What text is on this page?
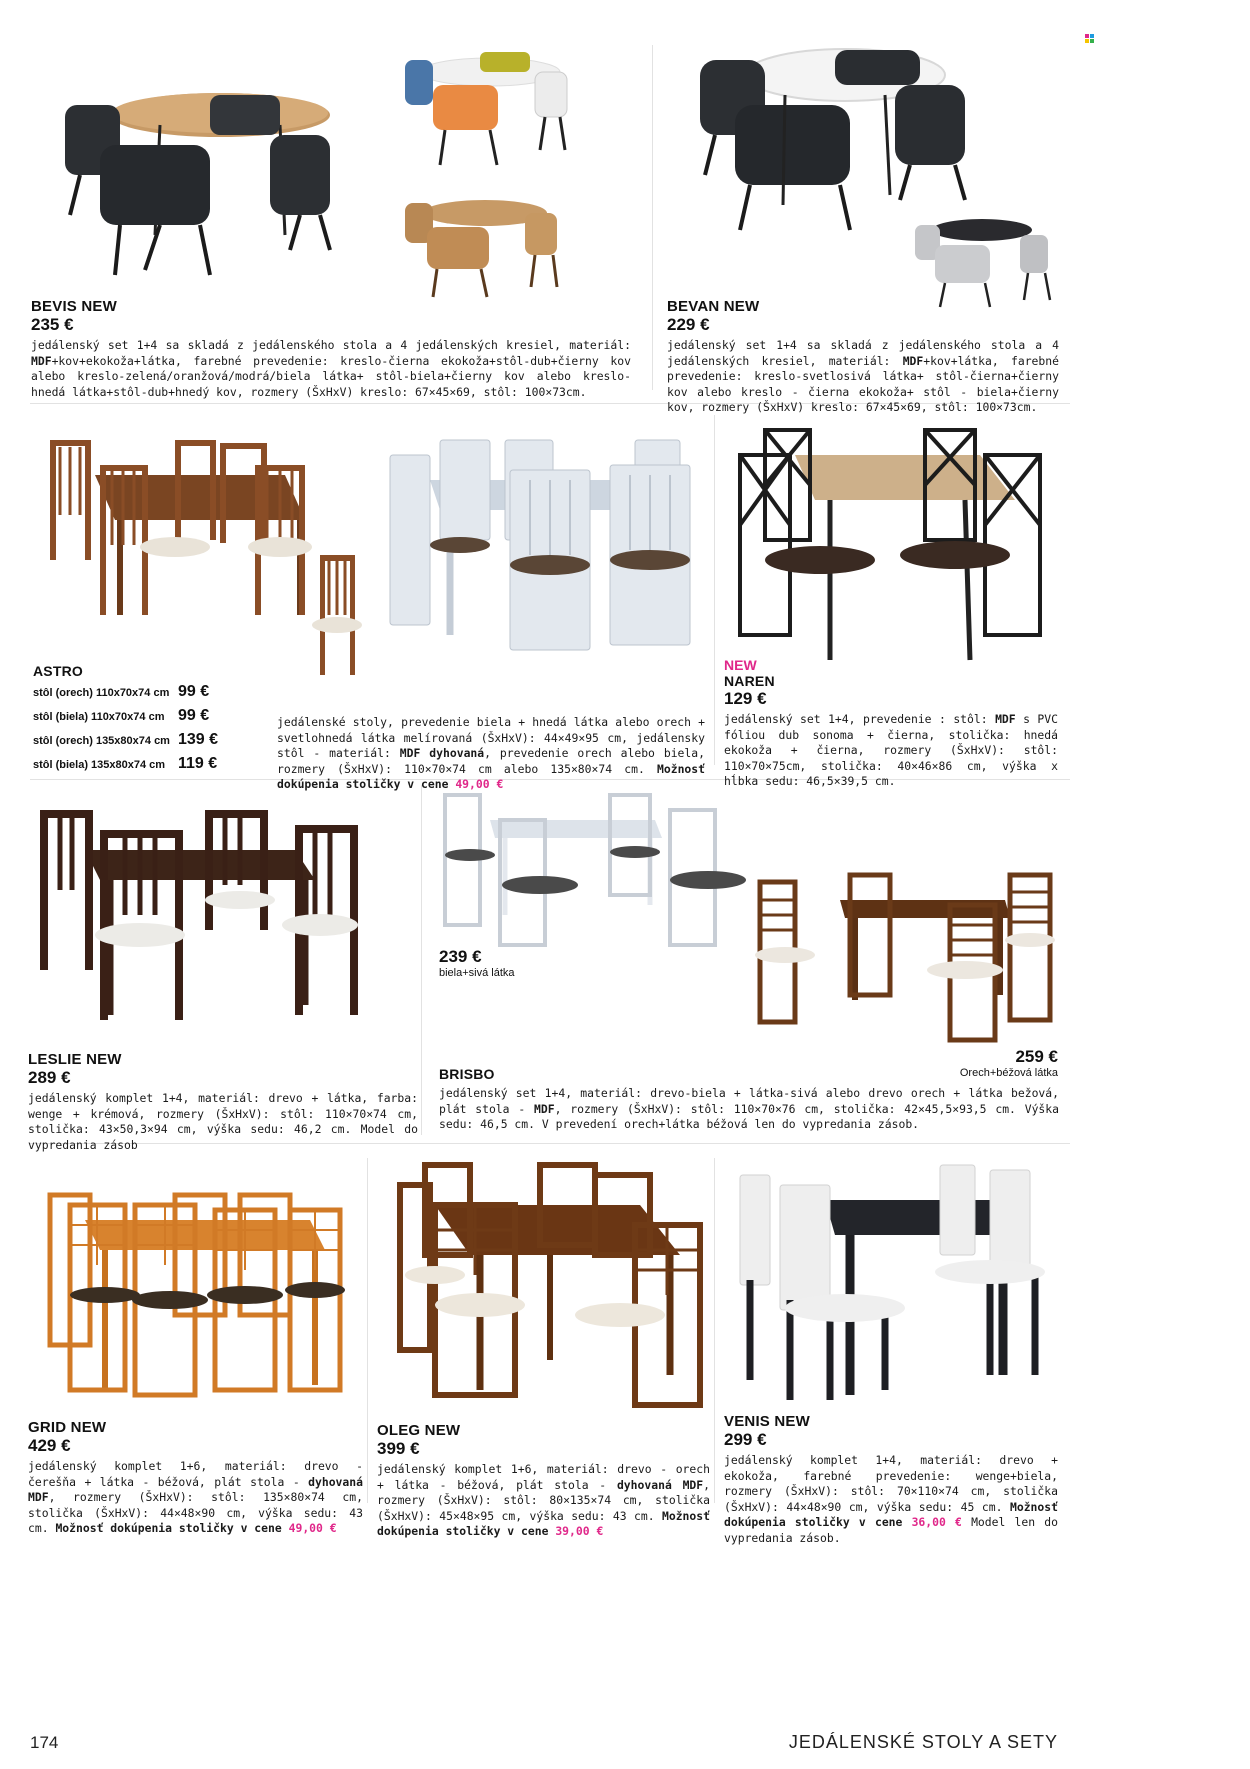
BEVIS NEW
235 €
jedálenský set 1+4 sa skladá z jedálenského stola a 4 jedálenských kresiel, materiál: MDF+kov+ekokoža+látka, farebné prevedenie: kreslo-čierna ekokoža+stôl-dub+čierny kov alebo kreslo-zelená/oranžová/modrá/biela látka+ stôl-biela+čierny kov alebo kreslo-hnedá látka+stôl-dub+hnedý kov, rozmery (ŠxHxV) kreslo: 67×45×69, stôl: 100×73cm.
BEVAN NEW
229 €
jedálenský set 1+4 sa skladá z jedálenského stola a 4 jedálenských kresiel, materiál: MDF+kov+látka, farebné prevedenie: kreslo-svetlosivá látka+ stôl-čierna+čierny kov alebo kreslo - čierna ekokoža+ stôl - biela+čierny kov, rozmery (ŠxHxV) kreslo: 67×45×69, stôl: 100×73cm.
ASTRO
stôl (orech) 110x70x74 cm 99 €
stôl (biela) 110x70x74 cm 99 €
stôl (orech) 135x80x74 cm 139 €
stôl (biela) 135x80x74 cm 119 €
jedálenské stoly, prevedenie biela + hnedá látka alebo orech + svetlohnedá látka melírovaná (ŠxHxV): 44×49×95 cm, jedálensky stôl - materiál: MDF dyhovaná, prevedenie orech alebo biela, rozmery (ŠxHxV): 110×70×74 cm alebo 135×80×74 cm. Možnosť dokúpenia stoličky v cene 49,00 €
NEW
NAREN
129 €
jedálenský set 1+4, prevedenie : stôl: MDF s PVC fóliou dub sonoma + čierna, stolička: hnedá ekokoža + čierna, rozmery (ŠxHxV): stôl: 110×70×75cm, stolička: 40×46×86 cm, výška x hĺbka sedu: 46,5×39,5 cm.
LESLIE NEW
289 €
jedálenský komplet 1+4, materiál: drevo + látka, farba: wenge + krémová, rozmery (ŠxHxV): stôl: 110×70×74 cm, stolička: 43×50,3×94 cm, výška sedu: 46,2 cm. Model do vypredania zásob
239 €
biela+sivá látka
259 €
Orech+béžová látka
BRISBO
jedálenský set 1+4, materiál: drevo-biela + látka-sivá alebo drevo orech + látka bežová, plát stola - MDF, rozmery (ŠxHxV): stôl: 110×70×76 cm, stolička: 42×45,5×93,5 cm. Výška sedu: 46,5 cm. V prevedení orech+látka béžová len do vypredania zásob.
GRID NEW
429 €
jedálenský komplet 1+6, materiál: drevo - čerešňa + látka - béžová, plát stola - dyhovaná MDF, rozmery (ŠxHxV): stôl: 135×80×74 cm, stolička (ŠxHxV): 44×48×90 cm, výška sedu: 43 cm. Možnosť dokúpenia stoličky v cene 49,00 €
OLEG NEW
399 €
jedálenský komplet 1+6, materiál: drevo - orech + látka - béžová, plát stola - dyhovaná MDF, rozmery (ŠxHxV): stôl: 80×135×74 cm, stolička (ŠxHxV): 45×48×95 cm, výška sedu: 43 cm. Možnosť dokúpenia stoličky v cene 39,00 €
VENIS NEW
299 €
jedálenský komplet 1+4, materiál: drevo + ekokoža, farebné prevedenie: wenge+biela, rozmery (ŠxHxV): stôl: 70×110×74 cm, stolička (ŠxHxV): 44×48×90 cm, výška sedu: 45 cm. Možnosť dokúpenia stoličky v cene 36,00 € Model len do vypredania zásob.
174	JEDÁLENSKÉ STOLY A SETY
